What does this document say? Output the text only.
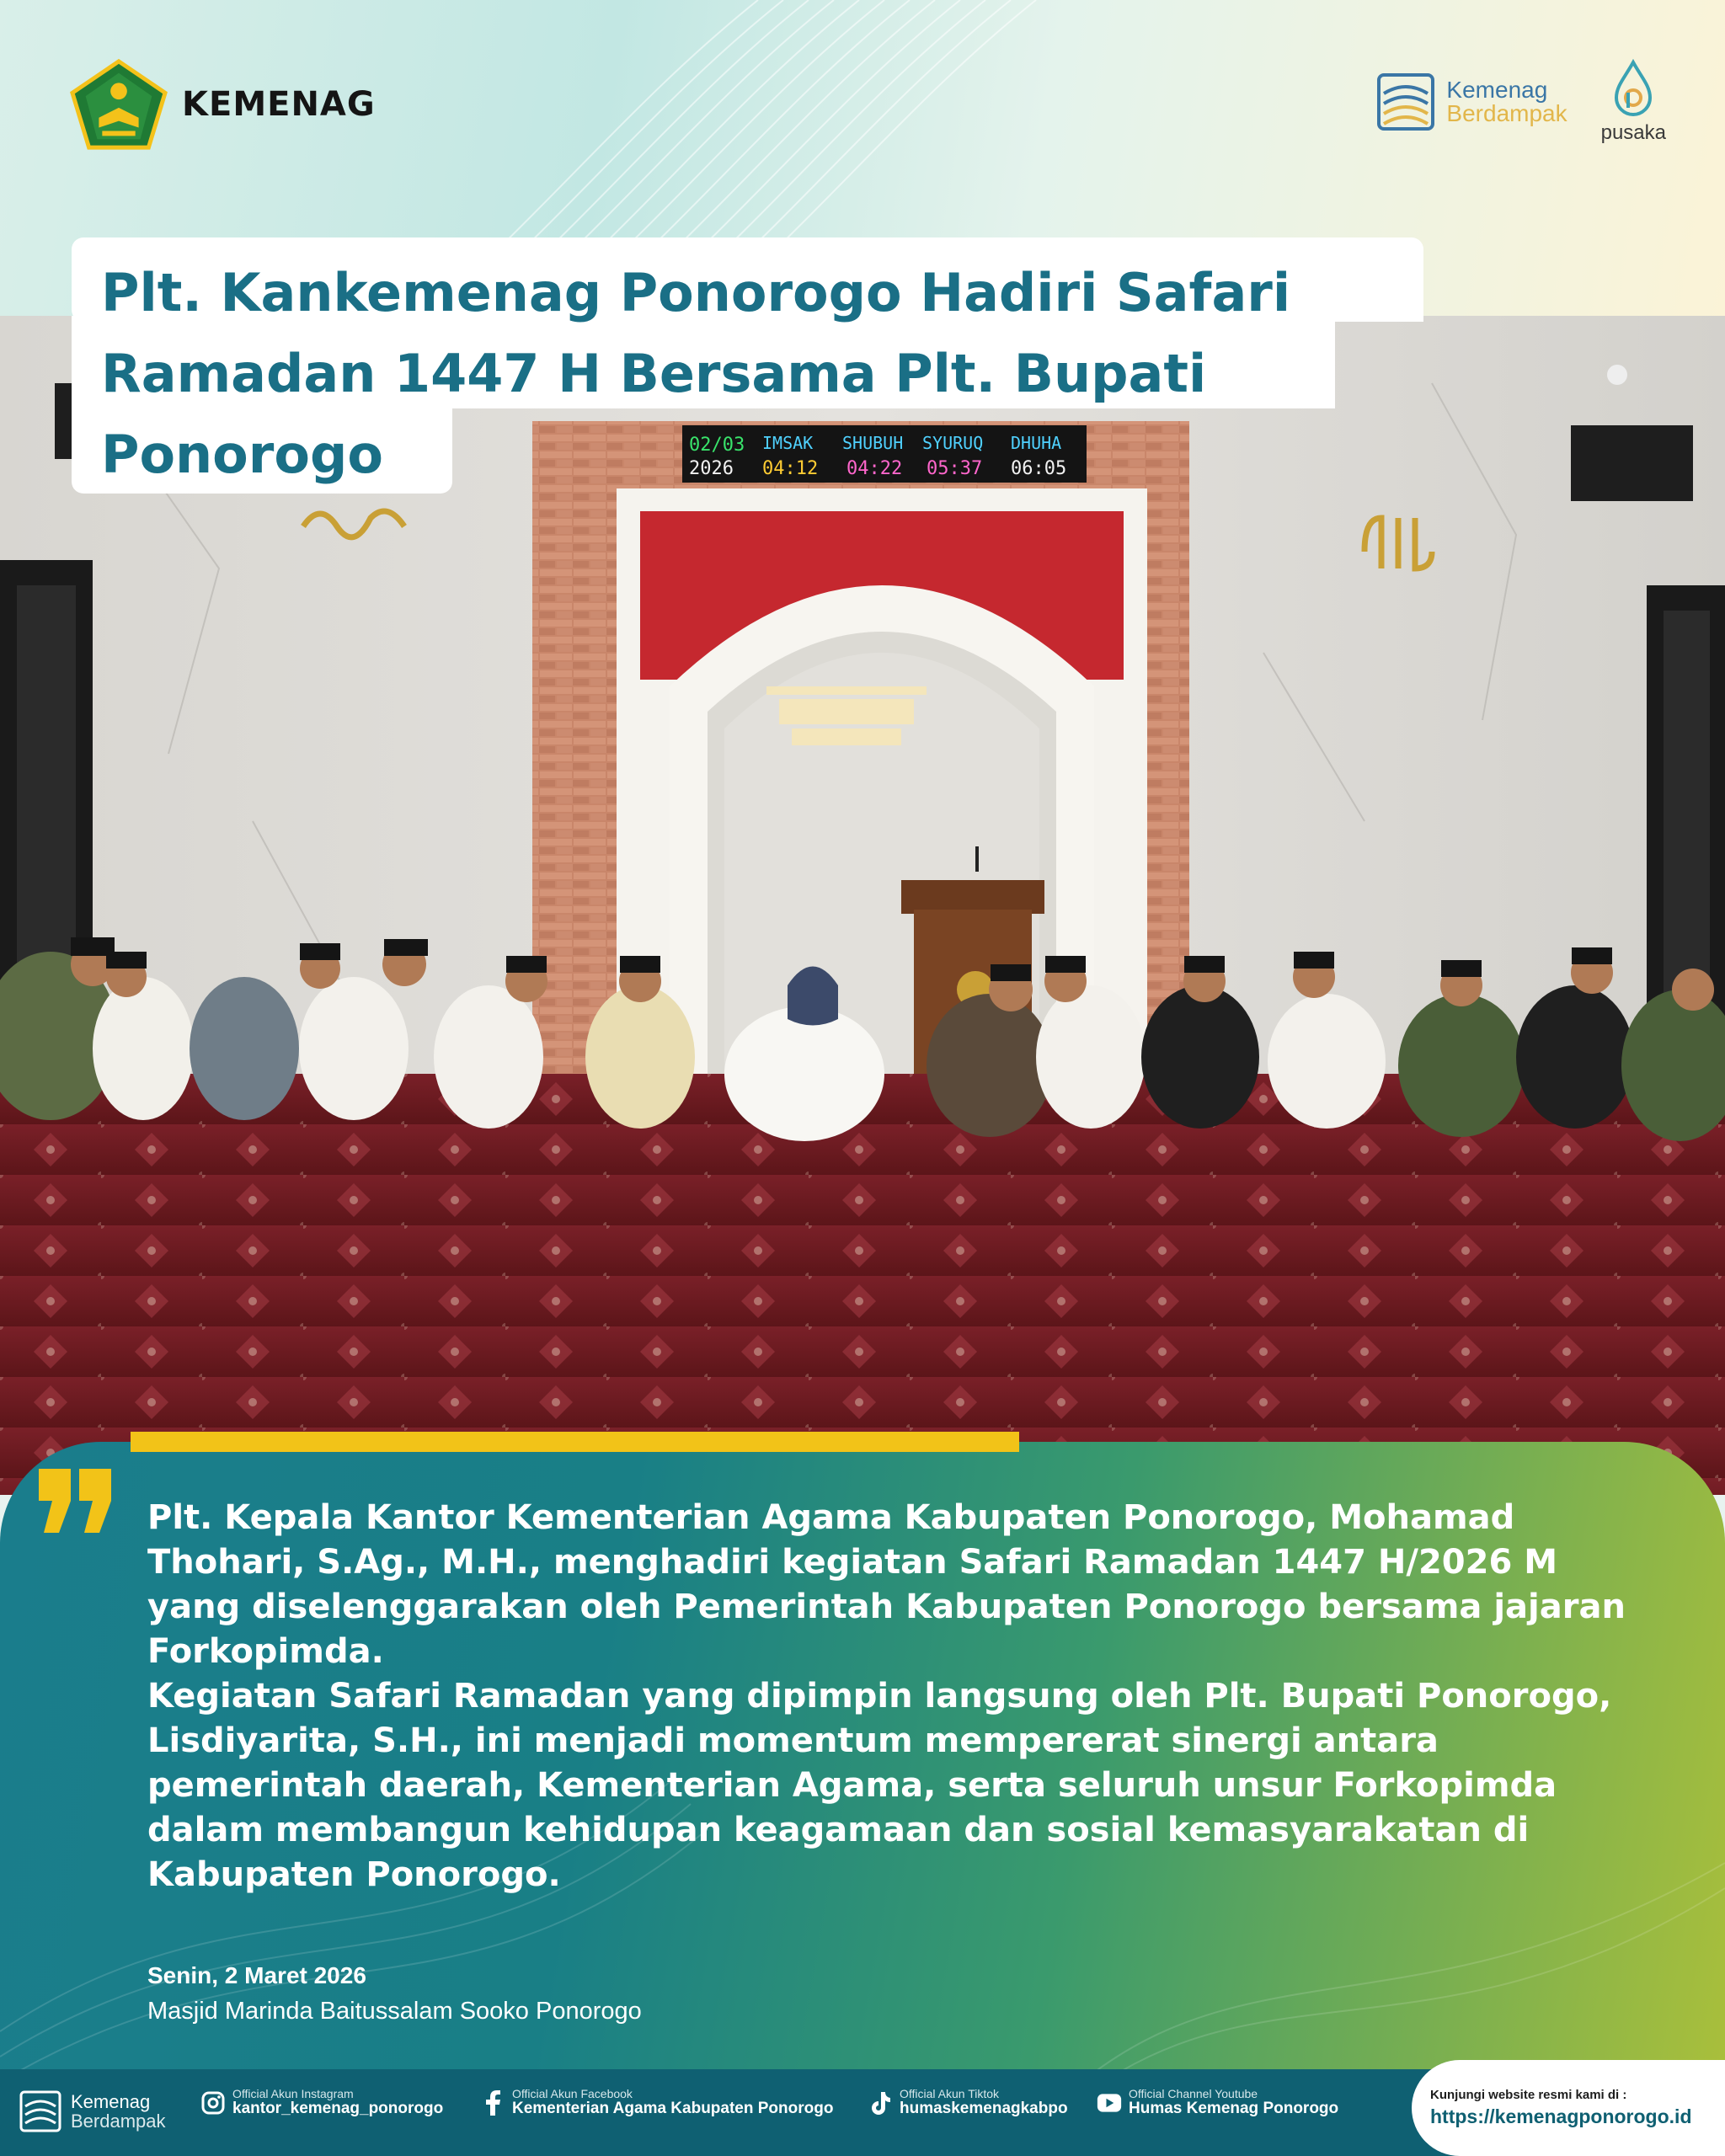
KEMENAG	Kemenag
Berdampak
pusaka
02/03
2026
IMSAK
04:12
SHUBUH
04:22
SYURUQ
05:37
DHUHA
06:05
Plt. Kankemenag Ponorogo Hadiri Safari Ramadan 1447 H Bersama Plt. Bupati Ponorogo

Plt. Kepala Kantor Kementerian Agama Kabupaten Ponorogo, Mohamad Thohari, S.Ag., M.H., menghadiri kegiatan Safari Ramadan 1447 H/2026 M yang diselenggarakan oleh Pemerintah Kabupaten Ponorogo bersama jajaran Forkopimda.

Kegiatan Safari Ramadan yang dipimpin langsung oleh Plt. Bupati Ponorogo, Lisdiyarita, S.H., ini menjadi momentum mempererat sinergi antara pemerintah daerah, Kementerian Agama, serta seluruh unsur Forkopimda dalam membangun kehidupan keagamaan dan sosial kemasyarakatan di Kabupaten Ponorogo.

Senin, 2 Maret 2026
Masjid Marinda Baitussalam Sooko Ponorogo
Kemenag
Berdampak
Official Akun Instagram
kantor_kemenag_ponorogo
Official Akun Facebook
Kementerian Agama Kabupaten Ponorogo
Official Akun Tiktok
humaskemenagkabpo
Official Channel Youtube
Humas Kemenag Ponorogo
Kunjungi website resmi kami di :
https://kemenagponorogo.id
